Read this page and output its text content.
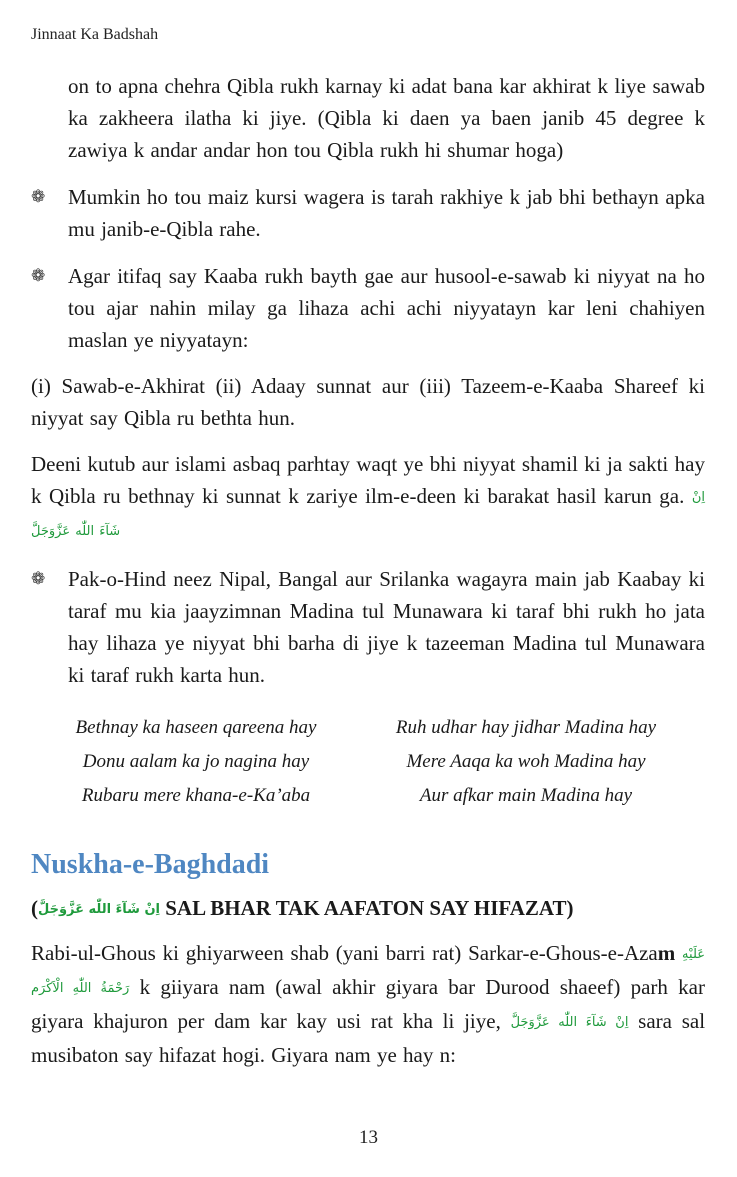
Jinnaat Ka Badshah

on to apna chehra Qibla rukh karnay ki adat bana kar akhirat k liye sawab ka zakheera ilatha ki jiye. (Qibla ki daen ya baen janib 45 degree k zawiya k andar andar hon tou Qibla rukh hi shumar hoga)

❁	Mumkin ho tou maiz kursi wagera is tarah rakhiye k jab bhi bethayn apka mu janib-e-Qibla rahe.
❁	Agar itifaq say Kaaba rukh bayth gae aur husool-e-sawab ki niyyat na ho tou ajar nahin milay ga lihaza achi achi niyyatayn kar leni chahiyen maslan ye niyyatayn:

(i) Sawab-e-Akhirat (ii) Adaay sunnat aur (iii) Tazeem-e-Kaaba Shareef ki niyyat say Qibla ru bethta hun.

Deeni kutub aur islami asbaq parhtay waqt ye bhi niyyat shamil ki ja sakti hay k Qibla ru bethnay ki sunnat k zariye ilm-e-deen ki barakat hasil karun ga. اِنْ شَآءَ اللّٰه عَزَّوَجَلَّ

❁	Pak-o-Hind neez Nipal, Bangal aur Srilanka wagayra main jab Kaabay ki taraf mu kia jaayzimnan Madina tul Munawara ki taraf bhi rukh ho jata hay lihaza ye niyyat bhi barha di jiye k tazeeman Madina tul Munawara ki taraf rukh karta hun.
Bethnay ka haseen qareena hay	Ruh udhar hay jidhar Madina hay
Donu aalam ka jo nagina hay	Mere Aaqa ka woh Madina hay
Rubaru mere khana-e-Ka’aba	Aur afkar main Madina hay
Nuskha-e-Baghdadi
(اِنْ شَآءَ اللّٰه عَزَّوَجَلَّ SAL BHAR TAK AAFATON SAY HIFAZAT)

Rabi-ul-Ghous ki ghiyarween shab (yani barri rat) Sarkar-e-Ghous-e-Azam عَلَيْهِ رَحْمَةُ اللّٰهِ الْاَكْرَم k giiyara nam (awal akhir giyara bar Durood shaeef) parh kar giyara khajuron per dam kar kay usi rat kha li jiye, اِنْ شَآءَ اللّٰه عَزَّوَجَلَّ sara sal musibaton say hifazat hogi. Giyara nam ye hay n:

13
